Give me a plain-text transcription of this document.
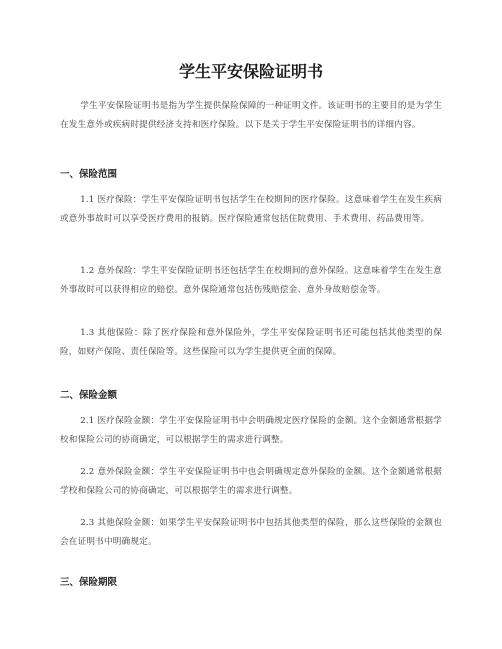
学生平安保险证明书
学生平安保险证明书是指为学生提供保险保障的一种证明文件。该证明书的主要目的是为学生在发生意外或疾病时提供经济支持和医疗保险。以下是关于学生平安保险证明书的详细内容。
一、保险范围
1.1 医疗保险：学生平安保险证明书包括学生在校期间的医疗保险。这意味着学生在发生疾病或意外事故时可以享受医疗费用的报销。医疗保险通常包括住院费用、手术费用、药品费用等。
1.2 意外保险：学生平安保险证明书还包括学生在校期间的意外保险。这意味着学生在发生意外事故时可以获得相应的赔偿。意外保险通常包括伤残赔偿金、意外身故赔偿金等。
1.3 其他保险：除了医疗保险和意外保险外，学生平安保险证明书还可能包括其他类型的保险，如财产保险、责任保险等。这些保险可以为学生提供更全面的保障。
二、保险金额
2.1 医疗保险金额：学生平安保险证明书中会明确规定医疗保险的金额。这个金额通常根据学校和保险公司的协商确定，可以根据学生的需求进行调整。
2.2 意外保险金额：学生平安保险证明书中也会明确规定意外保险的金额。这个金额通常根据学校和保险公司的协商确定，可以根据学生的需求进行调整。
2.3 其他保险金额：如果学生平安保险证明书中包括其他类型的保险，那么这些保险的金额也会在证明书中明确规定。
三、保险期限
